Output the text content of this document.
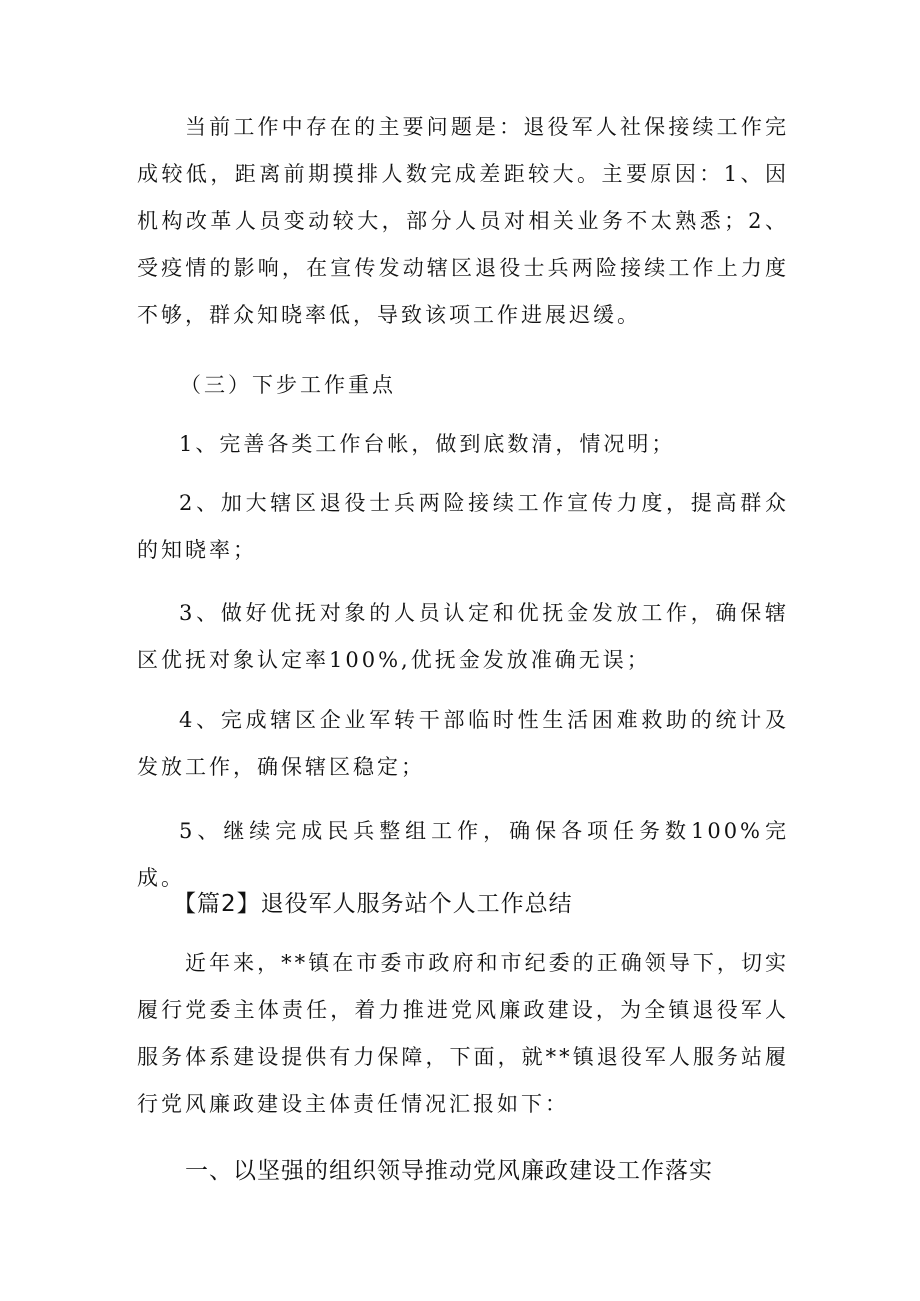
当前工作中存在的主要问题是：退役军人社保接续工作完成较低，距离前期摸排人数完成差距较大。主要原因：1、因机构改革人员变动较大，部分人员对相关业务不太熟悉；2、受疫情的影响，在宣传发动辖区退役士兵两险接续工作上力度不够，群众知晓率低，导致该项工作进展迟缓。

（三）下步工作重点

1、完善各类工作台帐，做到底数清，情况明；

2、加大辖区退役士兵两险接续工作宣传力度，提高群众的知晓率；

3、做好优抚对象的人员认定和优抚金发放工作，确保辖区优抚对象认定率100%,优抚金发放准确无误；

4、完成辖区企业军转干部临时性生活困难救助的统计及发放工作，确保辖区稳定；

5、继续完成民兵整组工作，确保各项任务数100%完成。

【篇2】退役军人服务站个人工作总结

近年来，**镇在市委市政府和市纪委的正确领导下，切实履行党委主体责任，着力推进党风廉政建设，为全镇退役军人服务体系建设提供有力保障，下面，就**镇退役军人服务站履行党风廉政建设主体责任情况汇报如下：

一、以坚强的组织领导推动党风廉政建设工作落实
